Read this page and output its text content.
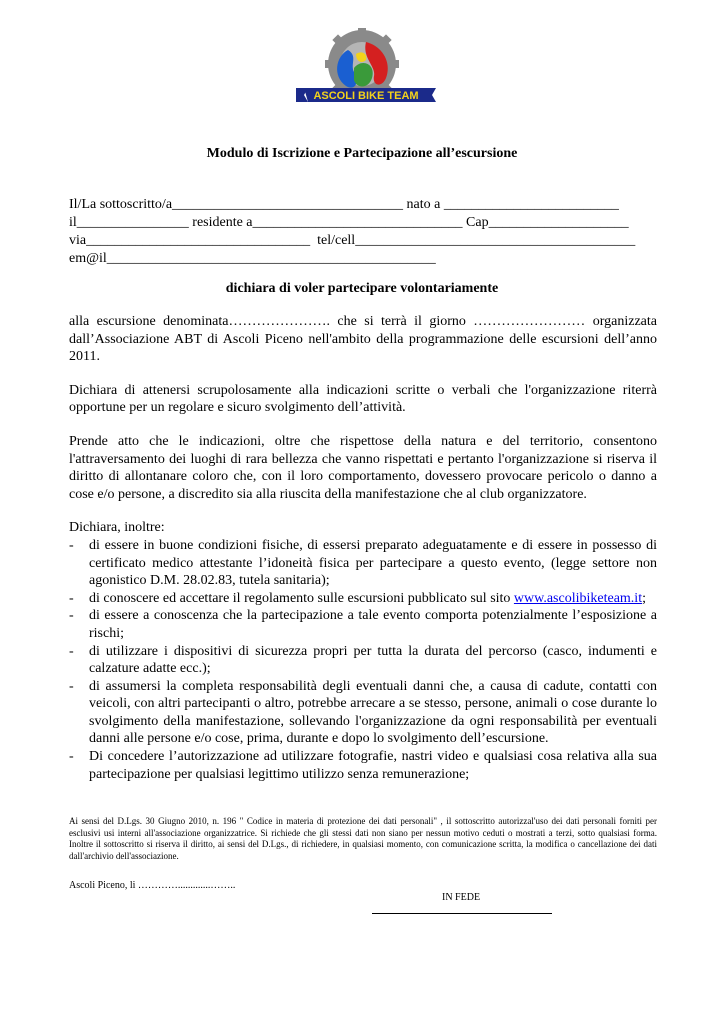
ASCOLI BIKE TEAM
Modulo di Iscrizione e Partecipazione all’escursione
Il/La sottoscritto/a_________________________________ nato a _________________________
il________________ residente a______________________________ Cap____________________
via________________________________  tel/cell________________________________________
em@il_______________________________________________
dichiara di voler partecipare volontariamente

alla escursione denominata…………………. che si terrà il giorno …………………… organizzata dall’Associazione ABT di Ascoli Piceno nell'ambito della programmazione delle escursioni dell’anno 2011.

Dichiara di attenersi scrupolosamente alla indicazioni scritte o verbali che l'organizzazione riterrà opportune per un regolare e sicuro svolgimento dell’attività.

Prende atto che le indicazioni, oltre che rispettose della natura e del territorio, consentono l'attraversamento dei luoghi di rara bellezza che vanno rispettati e pertanto l'organizzazione si riserva il diritto di allontanare coloro che, con il loro comportamento, dovessero provocare pericolo o danno a cose e/o persone, a discredito sia alla riuscita della manifestazione che al club organizzatore.

Dichiara, inoltre:

- di essere in buone condizioni fisiche, di essersi preparato adeguatamente e di essere in possesso di certificato medico attestante l’idoneità fisica per partecipare a questo evento, (legge settore non agonistico D.M. 28.02.83, tutela sanitaria);
- di conoscere ed accettare il regolamento sulle escursioni pubblicato sul sito www.ascolibiketeam.it;
- di essere a conoscenza che la partecipazione a tale evento comporta potenzialmente l’esposizione a rischi;
- di utilizzare i dispositivi di sicurezza propri per tutta la durata del percorso (casco, indumenti e calzature adatte ecc.);
- di assumersi la completa responsabilità degli eventuali danni che, a causa di cadute, contatti con veicoli, con altri partecipanti o altro, potrebbe arrecare a se stesso, persone, animali o cose durante lo svolgimento della manifestazione, sollevando l'organizzazione da ogni responsabilità per eventuali danni alle persone e/o cose, prima, durante e dopo lo svolgimento dell’escursione.
- Di concedere l’autorizzazione ad utilizzare fotografie, nastri video e qualsiasi cosa relativa alla sua partecipazione per qualsiasi legittimo utilizzo senza remunerazione;
Ai sensi del D.Lgs. 30 Giugno 2010, n. 196 " Codice in materia di protezione dei dati personali" , il sottoscritto autorizzal'uso dei dati personali forniti per esclusivi usi interni all'associazione organizzatrice. Si richiede che gli stessi dati non siano per nessun motivo ceduti o mostrati a terzi, sotto qualsiasi forma. Inoltre il sottoscritto si riserva il diritto, ai sensi del D.Lgs., di richiedere, in qualsiasi momento, con comunicazione scritta, la modifica o cancellazione dei dati dall'archivio dell'associazione.
Ascoli Piceno, li ………….............……..
IN FEDE
